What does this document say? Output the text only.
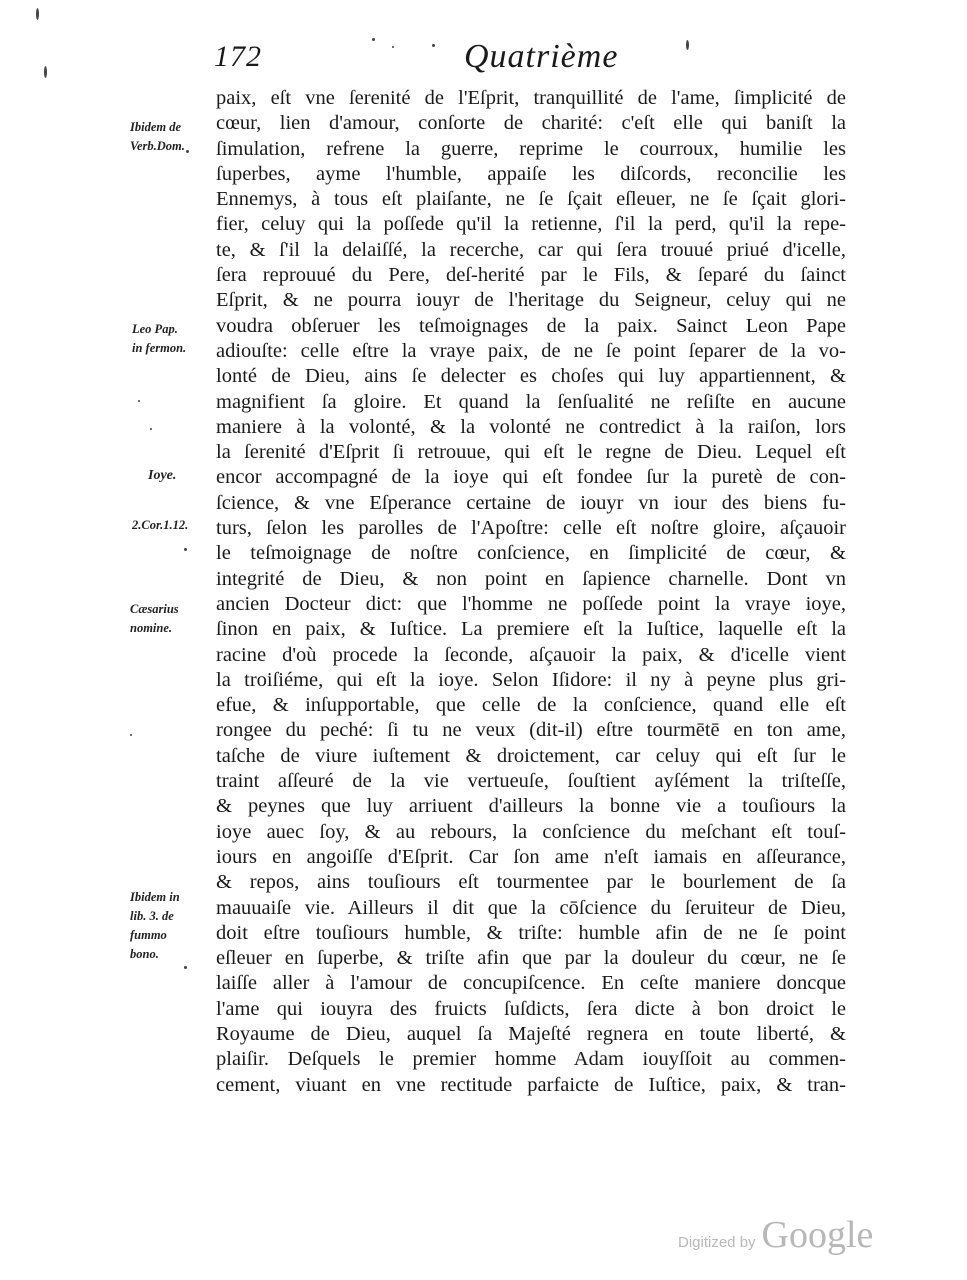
172	Quatrième
Ibidem de
Verb.Dom.
Leo Pap.
in fermon.
Ioye.
2.Cor.1.12.
Cæsarius
nomine.
Ibidem in
lib. 3. de
fummo
bono.
paix, eſt vne ſerenité de l'Eſprit, tranquillité de l'ame, ſimplicité de
cœur, lien d'amour, conſorte de charité: c'eſt elle qui baniſt la
ſimulation, refrene la guerre, reprime le courroux, humilie les
ſuperbes, ayme l'humble, appaiſe les diſcords, reconcilie les
Ennemys, à tous eſt plaiſante, ne ſe ſçait eſleuer, ne ſe ſçait glori-
fier, celuy qui la poſſede qu'il la retienne, ſ'il la perd, qu'il la repe-
te, & ſ'il la delaiſſé, la recerche, car qui ſera trouué priué d'icelle,
ſera reprouué du Pere, deſ-herité par le Fils, & ſeparé du ſainct
Eſprit, & ne pourra iouyr de l'heritage du Seigneur, celuy qui ne
voudra obſeruer les teſmoignages de la paix. Sainct Leon Pape
adiouſte: celle eſtre la vraye paix, de ne ſe point ſeparer de la vo-
lonté de Dieu, ains ſe delecter es choſes qui luy appartiennent, &
magnifient ſa gloire. Et quand la ſenſualité ne reſiſte en aucune
maniere à la volonté, & la volonté ne contredict à la raiſon, lors
la ſerenité d'Eſprit ſi retrouue, qui eſt le regne de Dieu. Lequel eſt
encor accompagné de la ioye qui eſt fondee ſur la puretè de con-
ſcience, & vne Eſperance certaine de iouyr vn iour des biens fu-
turs, ſelon les parolles de l'Apoſtre: celle eſt noſtre gloire, aſçauoir
le teſmoignage de noſtre conſcience, en ſimplicité de cœur, &
integrité de Dieu, & non point en ſapience charnelle. Dont vn
ancien Docteur dict: que l'homme ne poſſede point la vraye ioye,
ſinon en paix, & Iuſtice. La premiere eſt la Iuſtice, laquelle eſt la
racine d'où procede la ſeconde, aſçauoir la paix, & d'icelle vient
la troiſiéme, qui eſt la ioye. Selon Iſidore: il ny à peyne plus gri-
efue, & inſupportable, que celle de la conſcience, quand elle eſt
rongee du peché: ſi tu ne veux (dit-il) eſtre tourmētē en ton ame,
taſche de viure iuſtement & droictement, car celuy qui eſt ſur le
traint aſſeuré de la vie vertueuſe, ſouſtient ayſément la triſteſſe,
& peynes que luy arriuent d'ailleurs la bonne vie a touſiours la
ioye auec ſoy, & au rebours, la conſcience du meſchant eſt touſ-
iours en angoiſſe d'Eſprit. Car ſon ame n'eſt iamais en aſſeurance,
& repos, ains touſiours eſt tourmentee par le bourlement de ſa
mauuaiſe vie. Ailleurs il dit que la cōſcience du ſeruiteur de Dieu,
doit eſtre touſiours humble, & triſte: humble afin de ne ſe point
eſleuer en ſuperbe, & triſte afin que par la douleur du cœur, ne ſe
laiſſe aller à l'amour de concupiſcence. En ceſte maniere doncque
l'ame qui iouyra des fruicts ſuſdicts, ſera dicte à bon droict le
Royaume de Dieu, auquel ſa Majeſté regnera en toute liberté, &
plaiſir. Deſquels le premier homme Adam iouyſſoit au commen-
cement, viuant en vne rectitude parfaicte de Iuſtice, paix, & tran-
Digitized by Google
